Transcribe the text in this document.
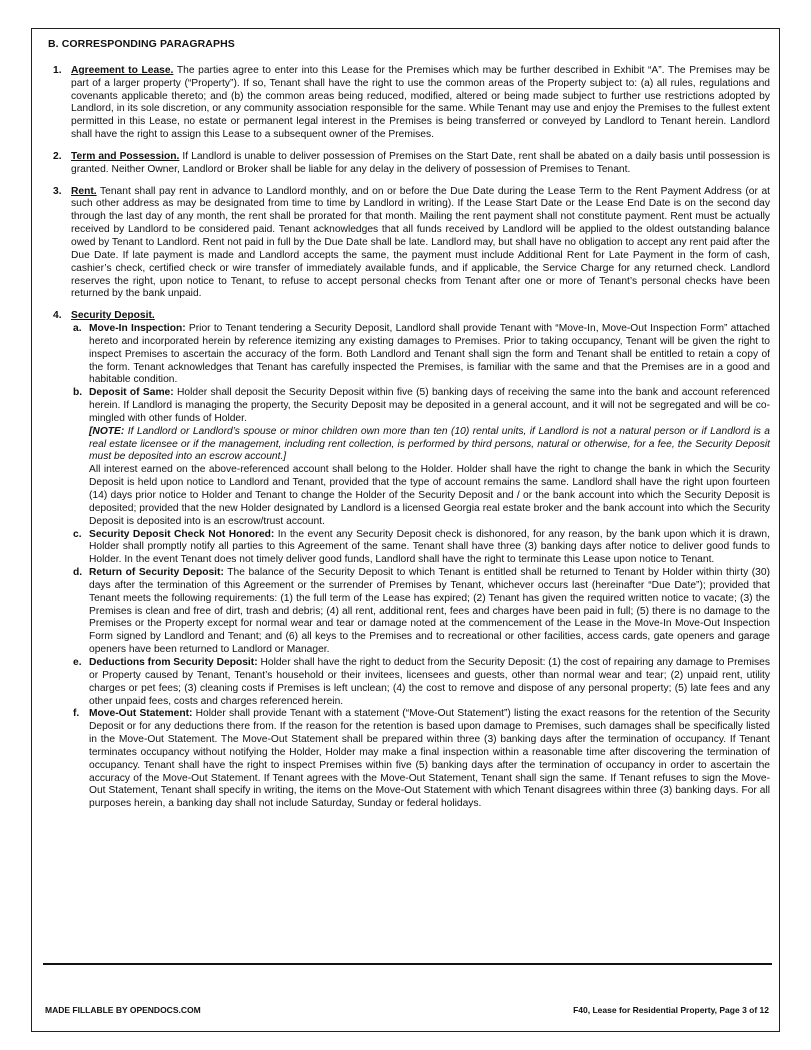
B. CORRESPONDING PARAGRAPHS
1. Agreement to Lease. The parties agree to enter into this Lease for the Premises which may be further described in Exhibit “A”. The Premises may be part of a larger property (“Property”). If so, Tenant shall have the right to use the common areas of the Property subject to: (a) all rules, regulations and covenants applicable thereto; and (b) the common areas being reduced, modified, altered or being made subject to further use restrictions adopted by Landlord, in its sole discretion, or any community association responsible for the same. While Tenant may use and enjoy the Premises to the fullest extent permitted in this Lease, no estate or permanent legal interest in the Premises is being transferred or conveyed by Landlord to Tenant herein. Landlord shall have the right to assign this Lease to a subsequent owner of the Premises.
2. Term and Possession. If Landlord is unable to deliver possession of Premises on the Start Date, rent shall be abated on a daily basis until possession is granted. Neither Owner, Landlord or Broker shall be liable for any delay in the delivery of possession of Premises to Tenant.
3. Rent. Tenant shall pay rent in advance to Landlord monthly, and on or before the Due Date during the Lease Term to the Rent Payment Address (or at such other address as may be designated from time to time by Landlord in writing). If the Lease Start Date or the Lease End Date is on the second day through the last day of any month, the rent shall be prorated for that month. Mailing the rent payment shall not constitute payment. Rent must be actually received by Landlord to be considered paid. Tenant acknowledges that all funds received by Landlord will be applied to the oldest outstanding balance owed by Tenant to Landlord. Rent not paid in full by the Due Date shall be late. Landlord may, but shall have no obligation to accept any rent paid after the Due Date. If late payment is made and Landlord accepts the same, the payment must include Additional Rent for Late Payment in the form of cash, cashier’s check, certified check or wire transfer of immediately available funds, and if applicable, the Service Charge for any returned check. Landlord reserves the right, upon notice to Tenant, to refuse to accept personal checks from Tenant after one or more of Tenant’s personal checks have been returned by the bank unpaid.
4. Security Deposit.
a. Move-In Inspection: Prior to Tenant tendering a Security Deposit, Landlord shall provide Tenant with “Move-In, Move-Out Inspection Form” attached hereto and incorporated herein by reference itemizing any existing damages to Premises. Prior to taking occupancy, Tenant will be given the right to inspect Premises to ascertain the accuracy of the form. Both Landlord and Tenant shall sign the form and Tenant shall be entitled to retain a copy of the form. Tenant acknowledges that Tenant has carefully inspected the Premises, is familiar with the same and that the Premises are in a good and habitable condition.
b. Deposit of Same: Holder shall deposit the Security Deposit within five (5) banking days of receiving the same into the bank and account referenced herein. If Landlord is managing the property, the Security Deposit may be deposited in a general account, and it will not be segregated and will be co-mingled with other funds of Holder.
[NOTE: If Landlord or Landlord’s spouse or minor children own more than ten (10) rental units, if Landlord is not a natural person or if Landlord is a real estate licensee or if the management, including rent collection, is performed by third persons, natural or otherwise, for a fee, the Security Deposit must be deposited into an escrow account.]
All interest earned on the above-referenced account shall belong to the Holder. Holder shall have the right to change the bank in which the Security Deposit is held upon notice to Landlord and Tenant, provided that the type of account remains the same. Landlord shall have the right upon fourteen (14) days prior notice to Holder and Tenant to change the Holder of the Security Deposit and / or the bank account into which the Security Deposit is deposited; provided that the new Holder designated by Landlord is a licensed Georgia real estate broker and the bank account into which the Security Deposit is deposited into is an escrow/trust account.
c. Security Deposit Check Not Honored: In the event any Security Deposit check is dishonored, for any reason, by the bank upon which it is drawn, Holder shall promptly notify all parties to this Agreement of the same. Tenant shall have three (3) banking days after notice to deliver good funds to Holder. In the event Tenant does not timely deliver good funds, Landlord shall have the right to terminate this Lease upon notice to Tenant.
d. Return of Security Deposit: The balance of the Security Deposit to which Tenant is entitled shall be returned to Tenant by Holder within thirty (30) days after the termination of this Agreement or the surrender of Premises by Tenant, whichever occurs last (hereinafter “Due Date”); provided that Tenant meets the following requirements: (1) the full term of the Lease has expired; (2) Tenant has given the required written notice to vacate; (3) the Premises is clean and free of dirt, trash and debris; (4) all rent, additional rent, fees and charges have been paid in full; (5) there is no damage to the Premises or the Property except for normal wear and tear or damage noted at the commencement of the Lease in the Move-In Move-Out Inspection Form signed by Landlord and Tenant; and (6) all keys to the Premises and to recreational or other facilities, access cards, gate openers and garage openers have been returned to Landlord or Manager.
e. Deductions from Security Deposit: Holder shall have the right to deduct from the Security Deposit: (1) the cost of repairing any damage to Premises or Property caused by Tenant, Tenant’s household or their invitees, licensees and guests, other than normal wear and tear; (2) unpaid rent, utility charges or pet fees; (3) cleaning costs if Premises is left unclean; (4) the cost to remove and dispose of any personal property; (5) late fees and any other unpaid fees, costs and charges referenced herein.
f. Move-Out Statement: Holder shall provide Tenant with a statement (“Move-Out Statement”) listing the exact reasons for the retention of the Security Deposit or for any deductions there from. If the reason for the retention is based upon damage to Premises, such damages shall be specifically listed in the Move-Out Statement. The Move-Out Statement shall be prepared within three (3) banking days after the termination of occupancy. If Tenant terminates occupancy without notifying the Holder, Holder may make a final inspection within a reasonable time after discovering the termination of occupancy. Tenant shall have the right to inspect Premises within five (5) banking days after the termination of occupancy in order to ascertain the accuracy of the Move-Out Statement. If Tenant agrees with the Move-Out Statement, Tenant shall sign the same. If Tenant refuses to sign the Move-Out Statement, Tenant shall specify in writing, the items on the Move-Out Statement with which Tenant disagrees within three (3) banking days. For all purposes herein, a banking day shall not include Saturday, Sunday or federal holidays.
MADE FILLABLE BY OPENDOCS.COM	F40, Lease for Residential Property, Page 3 of 12
